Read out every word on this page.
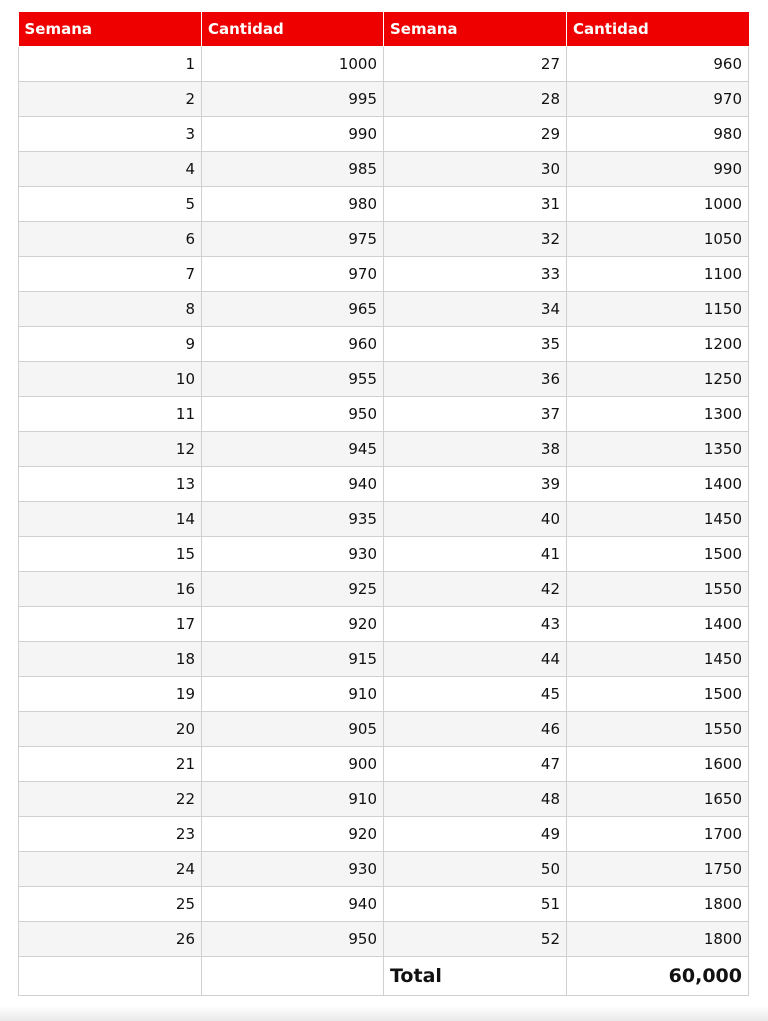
Semana	Cantidad	Semana	Cantidad
1	1000	27	960
2	995	28	970
3	990	29	980
4	985	30	990
5	980	31	1000
6	975	32	1050
7	970	33	1100
8	965	34	1150
9	960	35	1200
10	955	36	1250
11	950	37	1300
12	945	38	1350
13	940	39	1400
14	935	40	1450
15	930	41	1500
16	925	42	1550
17	920	43	1400
18	915	44	1450
19	910	45	1500
20	905	46	1550
21	900	47	1600
22	910	48	1650
23	920	49	1700
24	930	50	1750
25	940	51	1800
26	950	52	1800
		Total	60,000
